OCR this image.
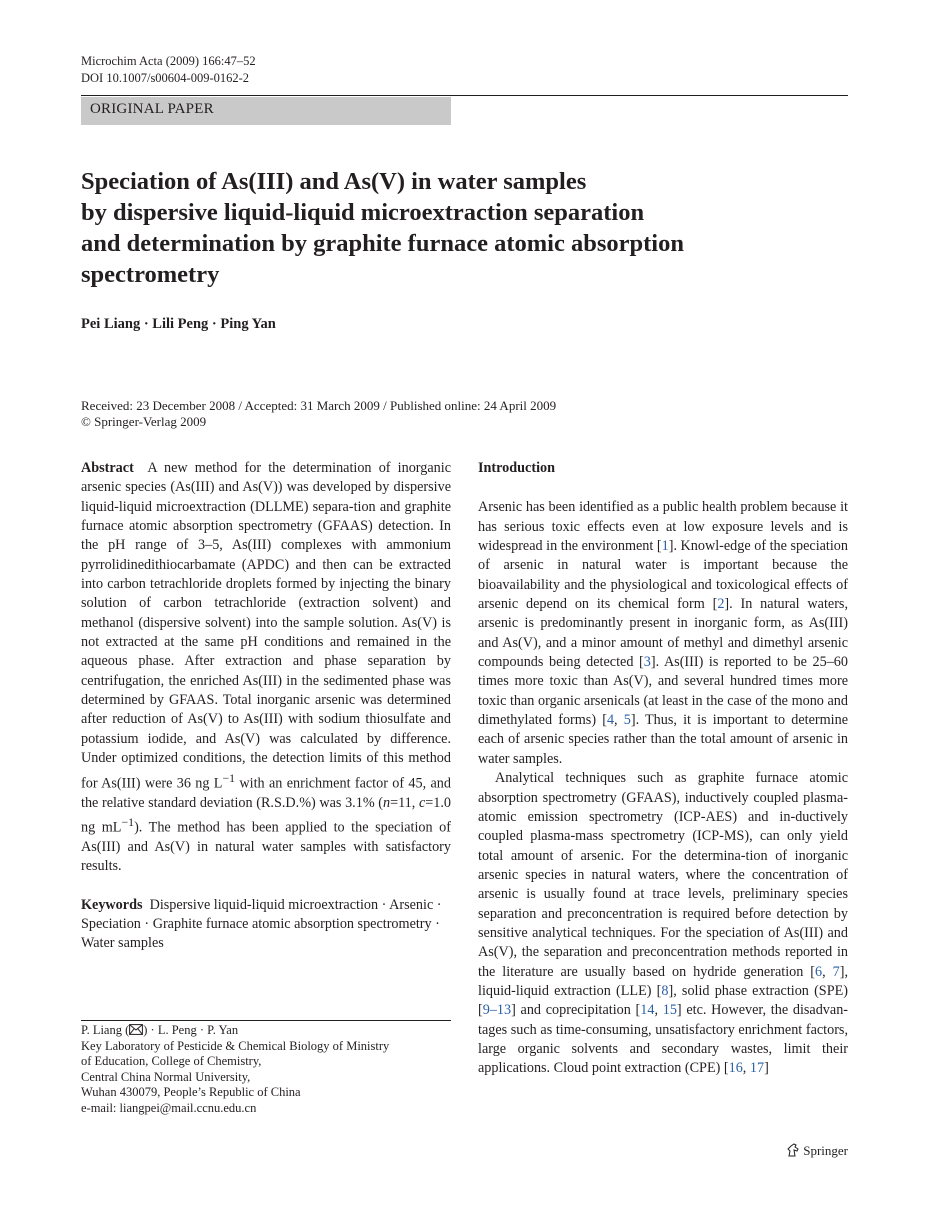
Microchim Acta (2009) 166:47–52
DOI 10.1007/s00604-009-0162-2
ORIGINAL PAPER
Speciation of As(III) and As(V) in water samples
by dispersive liquid-liquid microextraction separation
and determination by graphite furnace atomic absorption
spectrometry
Pei Liang · Lili Peng · Ping Yan
Received: 23 December 2008 / Accepted: 31 March 2009 / Published online: 24 April 2009
© Springer-Verlag 2009

Abstract A new method for the determination of inorganic arsenic species (As(III) and As(V)) was developed by dispersive liquid-liquid microextraction (DLLME) separa-tion and graphite furnace atomic absorption spectrometry (GFAAS) detection. In the pH range of 3–5, As(III) complexes with ammonium pyrrolidinedithiocarbamate (APDC) and then can be extracted into carbon tetrachloride droplets formed by injecting the binary solution of carbon tetrachloride (extraction solvent) and methanol (dispersive solvent) into the sample solution. As(V) is not extracted at the same pH conditions and remained in the aqueous phase. After extraction and phase separation by centrifugation, the enriched As(III) in the sedimented phase was determined by GFAAS. Total inorganic arsenic was determined after reduction of As(V) to As(III) with sodium thiosulfate and potassium iodide, and As(V) was calculated by difference. Under optimized conditions, the detection limits of this method for As(III) were 36 ng $L^{-1}$ with an enrichment factor of 45, and the relative standard deviation (R.S.D.%) was 3.1% (n=11, c=1.0 ng $mL^{-1}$). The method has been applied to the speciation of As(III) and As(V) in natural water samples with satisfactory results.

Keywords Dispersive liquid-liquid microextraction · Arsenic · Speciation · Graphite furnace atomic absorption spectrometry · Water samples

P. Liang ( ) · L. Peng · P. Yan
Key Laboratory of Pesticide & Chemical Biology of Ministry
of Education, College of Chemistry,
Central China Normal University,
Wuhan 430079, People’s Republic of China
e-mail: liangpei@mail.ccnu.edu.cn

Introduction

Arsenic has been identified as a public health problem because it has serious toxic effects even at low exposure levels and is widespread in the environment [1]. Knowl-edge of the speciation of arsenic in natural water is important because the bioavailability and the physiological and toxicological effects of arsenic depend on its chemical form [2]. In natural waters, arsenic is predominantly present in inorganic form, as As(III) and As(V), and a minor amount of methyl and dimethyl arsenic compounds being detected [3]. As(III) is reported to be 25–60 times more toxic than As(V), and several hundred times more toxic than organic arsenicals (at least in the case of the mono and dimethylated forms) [4, 5]. Thus, it is important to determine each of arsenic species rather than the total amount of arsenic in water samples.

Analytical techniques such as graphite furnace atomic absorption spectrometry (GFAAS), inductively coupled plasma-atomic emission spectrometry (ICP-AES) and in-ductively coupled plasma-mass spectrometry (ICP-MS), can only yield total amount of arsenic. For the determina-tion of inorganic arsenic species in natural waters, where the concentration of arsenic is usually found at trace levels, preliminary species separation and preconcentration is required before detection by sensitive analytical techniques. For the speciation of As(III) and As(V), the separation and preconcentration methods reported in the literature are usually based on hydride generation [6, 7], liquid-liquid extraction (LLE) [8], solid phase extraction (SPE) [9–13] and coprecipitation [14, 15] etc. However, the disadvan-tages such as time-consuming, unsatisfactory enrichment factors, large organic solvents and secondary wastes, limit their applications. Cloud point extraction (CPE) [16, 17]

Springer
